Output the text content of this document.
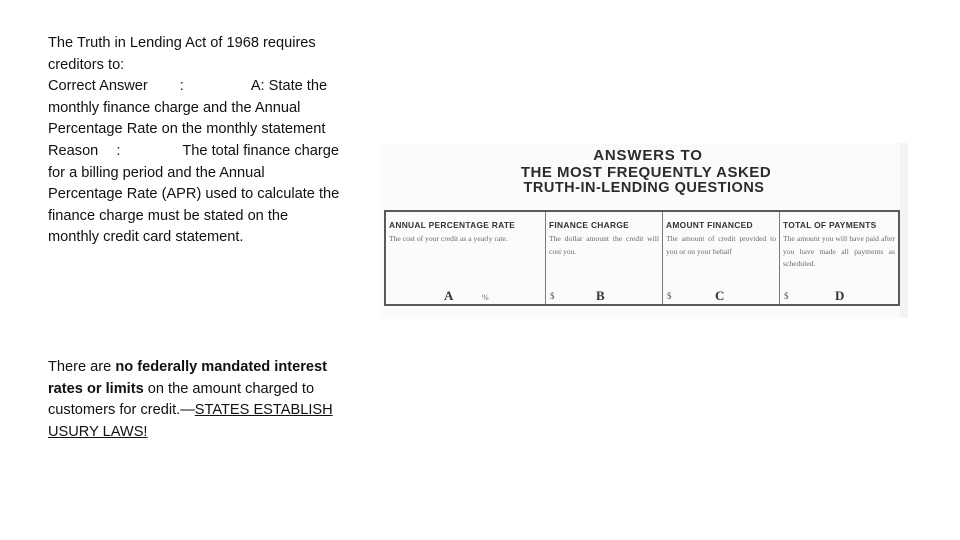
The Truth in Lending Act of 1968 requires
creditors to:
Correct Answer :	A: State the
monthly finance charge and the Annual
Percentage Rate on the monthly statement
Reason :	The total finance charge
for a billing period and the Annual
Percentage Rate (APR) used to calculate the
finance charge must be stated on the
monthly credit card statement.
There are no federally mandated interest
rates or limits on the amount charged to
customers for credit.—STATES ESTABLISH
USURY LAWS!
ANSWERS TO
THE MOST FREQUENTLY ASKED
TRUTH-IN-LENDING QUESTIONS
ANNUAL PERCENTAGE RATE
The cost of your credit as a yearly rate.
A	%
FINANCE CHARGE
The dollar amount the credit will cost you.
$	B
AMOUNT FINANCED
The amount of credit provided to you or on your behalf
$	C
TOTAL OF PAYMENTS
The amount you will have paid after you have made all payments as scheduled.
$	D
